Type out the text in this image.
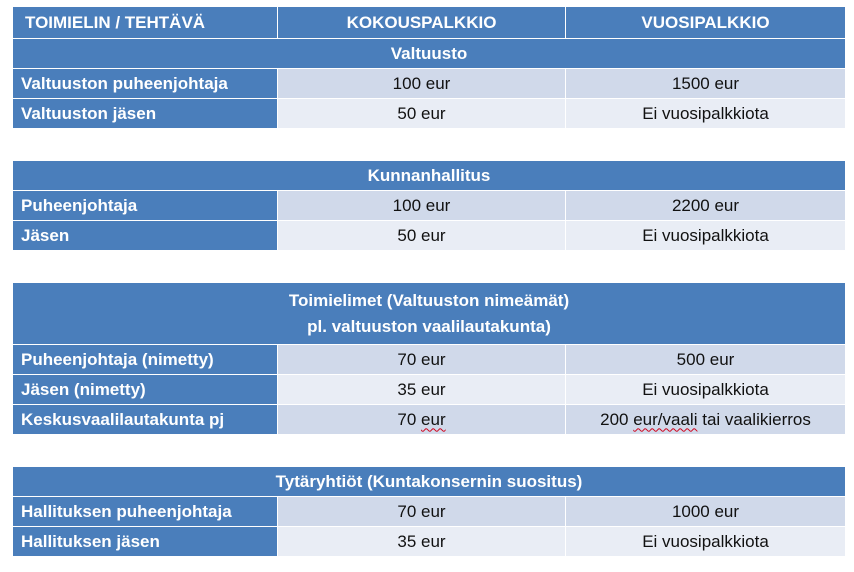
TOIMIELIN / TEHTÄVÄ	KOKOUSPALKKIO	VUOSIPALKKIO
Valtuusto		
Valtuuston puheenjohtaja	100 eur	1500 eur
Valtuuston jäsen	50 eur	Ei vuosipalkkiota

Kunnanhallitus		
Puheenjohtaja	100 eur	2200 eur
Jäsen	50 eur	Ei vuosipalkkiota

Toimielimet (Valtuuston nimeämät)
pl. valtuuston vaalilautakunta)		

Puheenjohtaja (nimetty)	70 eur	500 eur
Jäsen (nimetty)	35 eur	Ei vuosipalkkiota
Keskusvaalilautakunta pj	70 eur	200 eur/vaali tai vaalikierros

Tytäryhtiöt (Kuntakonsernin suositus)		
Hallituksen puheenjohtaja	70 eur	1000 eur
Hallituksen jäsen	35 eur	Ei vuosipalkkiota
